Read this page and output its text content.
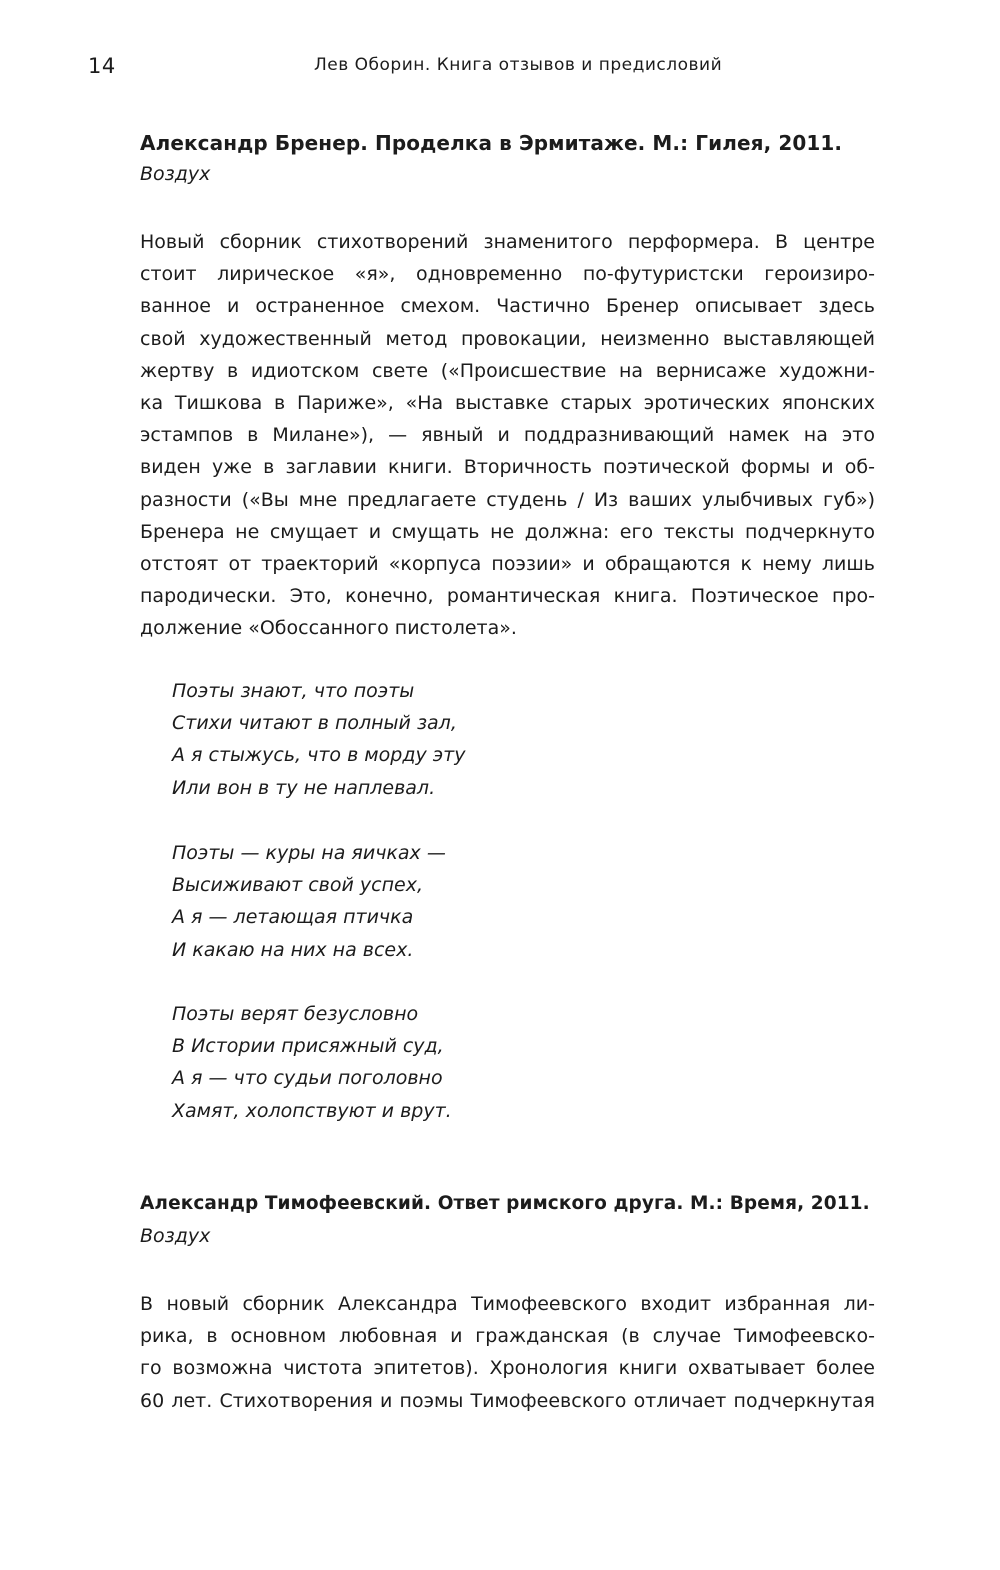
14	Лев Оборин. Книга отзывов и предисловий
Александр Бренер. Проделка в Эрмитаже. М.: Гилея, 2011.
Воздух
Новый сборник стихотворений знаменитого перформера. В центре
стоит лирическое «я», одновременно по-футуристски героизиро-
ванное и остраненное смехом. Частично Бренер описывает здесь
свой художественный метод провокации, неизменно выставляющей
жертву в идиотском свете («Происшествие на вернисаже художни-
ка Тишкова в Париже», «На выставке старых эротических японских
эстампов в Милане»), — явный и поддразнивающий намек на это
виден уже в заглавии книги. Вторичность поэтической формы и об-
разности («Вы мне предлагаете студень / Из ваших улыбчивых губ»)
Бренера не смущает и смущать не должна: его тексты подчеркнуто
отстоят от траекторий «корпуса поэзии» и обращаются к нему лишь
пародически. Это, конечно, романтическая книга. Поэтическое про-
должение «Обоссанного пистолета».
Поэты знают, что поэты
Стихи читают в полный зал,
А я стыжусь, что в морду эту
Или вон в ту не наплевал.
Поэты — куры на яичках —
Высиживают свой успех,
А я — летающая птичка
И какаю на них на всех.
Поэты верят безусловно
В Истории присяжный суд,
А я — что судьи поголовно
Хамят, холопствуют и врут.
Александр Тимофеевский. Ответ римского друга. М.: Время, 2011.
Воздух
В новый сборник Александра Тимофеевского входит избранная ли-
рика, в основном любовная и гражданская (в случае Тимофеевско-
го возможна чистота эпитетов). Хронология книги охватывает более
60 лет. Стихотворения и поэмы Тимофеевского отличает подчеркнутая
